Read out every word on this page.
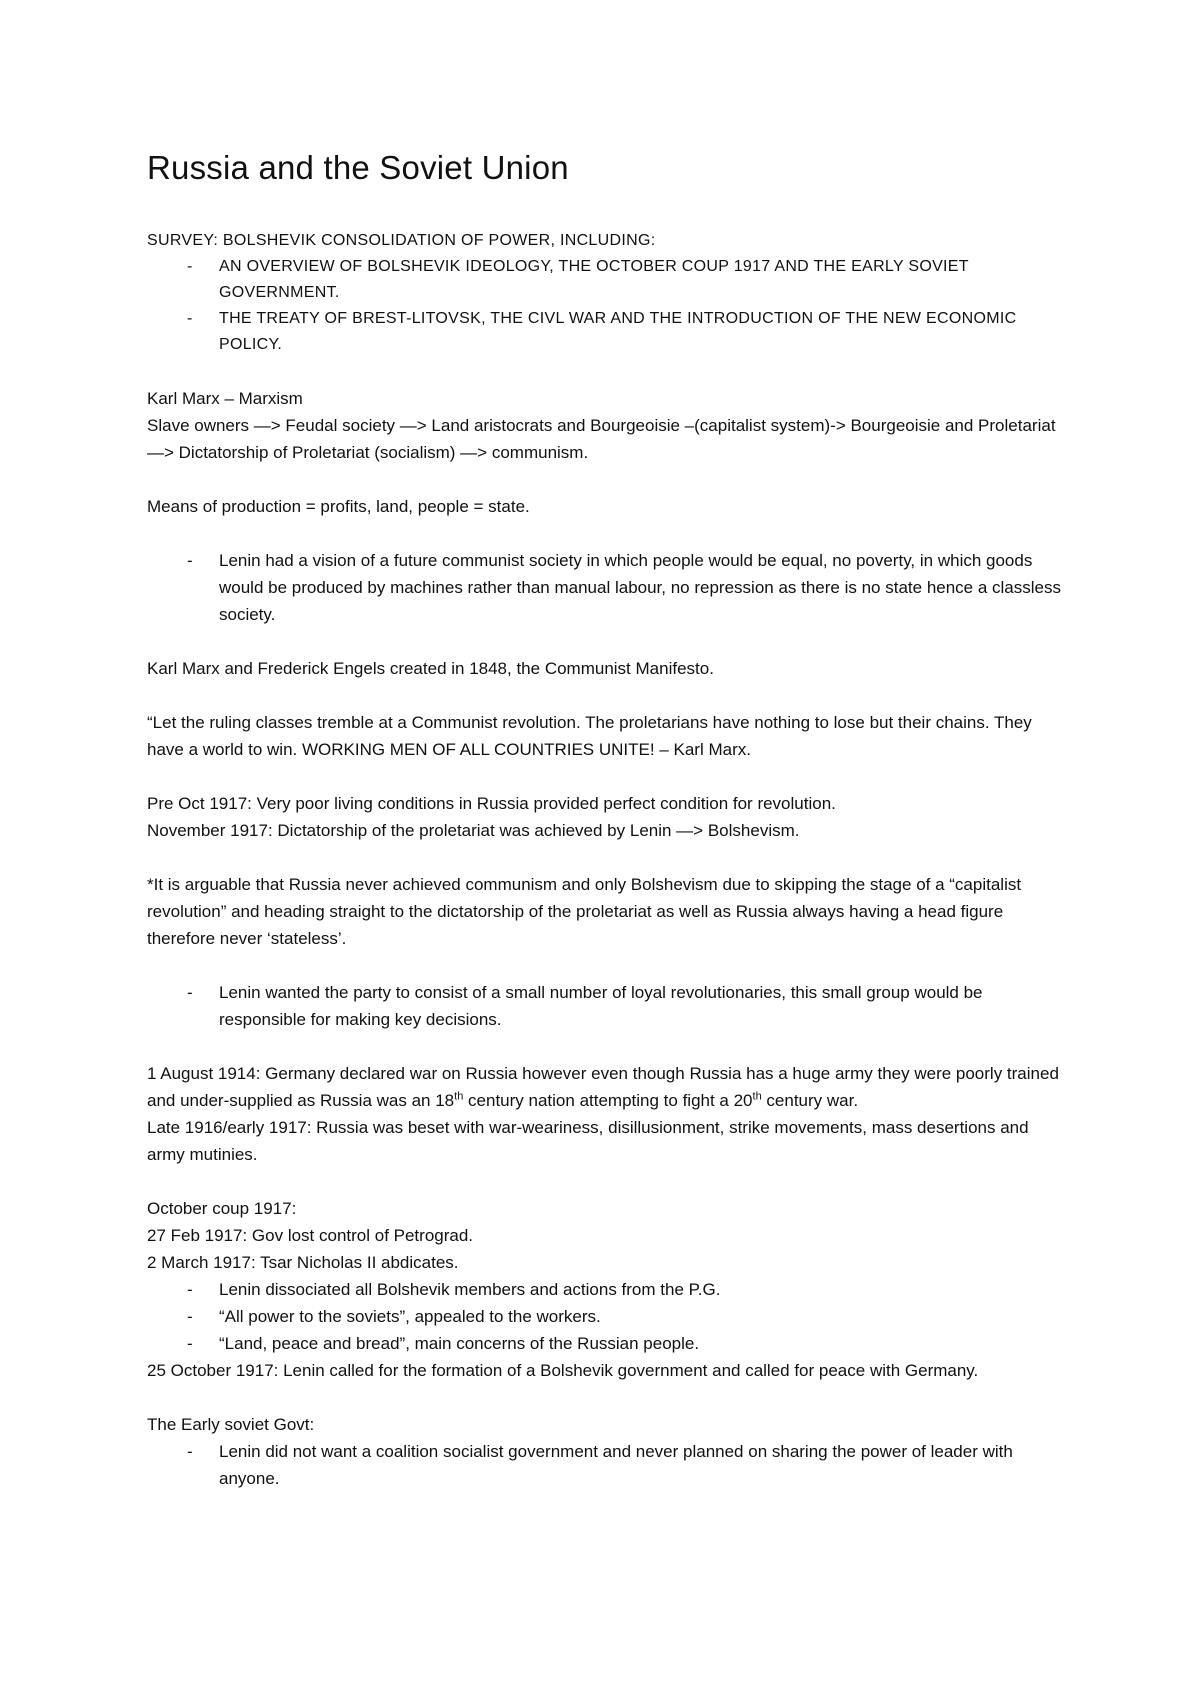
Russia and the Soviet Union
SURVEY: BOLSHEVIK CONSOLIDATION OF POWER, INCLUDING:
- AN OVERVIEW OF BOLSHEVIK IDEOLOGY, THE OCTOBER COUP 1917 AND THE EARLY SOVIET GOVERNMENT.
- THE TREATY OF BREST-LITOVSK, THE CIVL WAR AND THE INTRODUCTION OF THE NEW ECONOMIC POLICY.

Karl Marx – Marxism

Slave owners —> Feudal society —> Land aristocrats and Bourgeoisie –(capitalist system)-> Bourgeoisie and Proletariat —> Dictatorship of Proletariat (socialism) —> communism.

Means of production = profits, land, people = state.

- Lenin had a vision of a future communist society in which people would be equal, no poverty, in which goods would be produced by machines rather than manual labour, no repression as there is no state hence a classless society.

Karl Marx and Frederick Engels created in 1848, the Communist Manifesto.

“Let the ruling classes tremble at a Communist revolution. The proletarians have nothing to lose but their chains. They have a world to win. WORKING MEN OF ALL COUNTRIES UNITE! – Karl Marx.

Pre Oct 1917: Very poor living conditions in Russia provided perfect condition for revolution.

November 1917: Dictatorship of the proletariat was achieved by Lenin —> Bolshevism.

*It is arguable that Russia never achieved communism and only Bolshevism due to skipping the stage of a “capitalist revolution” and heading straight to the dictatorship of the proletariat as well as Russia always having a head figure therefore never ‘stateless’.

- Lenin wanted the party to consist of a small number of loyal revolutionaries, this small group would be responsible for making key decisions.

1 August 1914: Germany declared war on Russia however even though Russia has a huge army they were poorly trained and under-supplied as Russia was an 18th century nation attempting to fight a 20th century war.

Late 1916/early 1917: Russia was beset with war-weariness, disillusionment, strike movements, mass desertions and army mutinies.

October coup 1917:

27 Feb 1917: Gov lost control of Petrograd.

2 March 1917: Tsar Nicholas II abdicates.

- Lenin dissociated all Bolshevik members and actions from the P.G.
- “All power to the soviets”, appealed to the workers.
- “Land, peace and bread”, main concerns of the Russian people.

25 October 1917: Lenin called for the formation of a Bolshevik government and called for peace with Germany.

The Early soviet Govt:

- Lenin did not want a coalition socialist government and never planned on sharing the power of leader with anyone.
